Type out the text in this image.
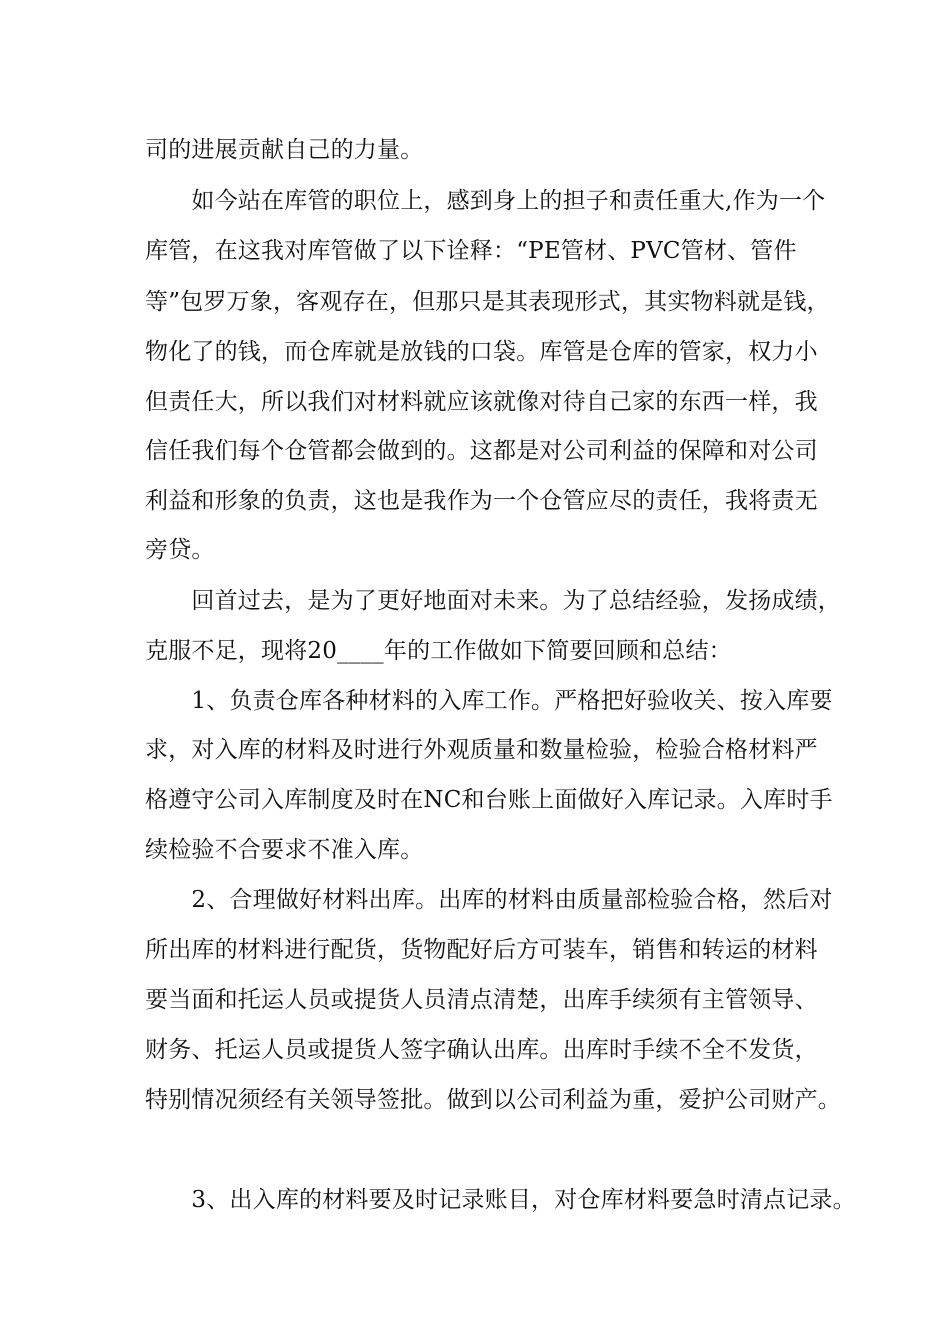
司的进展贡献自己的力量。
　　如今站在库管的职位上，感到身上的担子和责任重大,作为一个
库管，在这我对库管做了以下诠释：“PE管材、PVC管材、管件
等”包罗万象，客观存在，但那只是其表现形式，其实物料就是钱，
物化了的钱，而仓库就是放钱的口袋。库管是仓库的管家，权力小
但责任大，所以我们对材料就应该就像对待自己家的东西一样，我
信任我们每个仓管都会做到的。这都是对公司利益的保障和对公司
利益和形象的负责，这也是我作为一个仓管应尽的责任，我将责无
旁贷。
　　回首过去，是为了更好地面对未来。为了总结经验，发扬成绩，
克服不足，现将20____年的工作做如下简要回顾和总结：
　　1、负责仓库各种材料的入库工作。严格把好验收关、按入库要
求，对入库的材料及时进行外观质量和数量检验，检验合格材料严
格遵守公司入库制度及时在NC和台账上面做好入库记录。入库时手
续检验不合要求不准入库。
　　2、合理做好材料出库。出库的材料由质量部检验合格，然后对
所出库的材料进行配货，货物配好后方可装车，销售和转运的材料
要当面和托运人员或提货人员清点清楚，出库手续须有主管领导、
财务、托运人员或提货人签字确认出库。出库时手续不全不发货，
特别情况须经有关领导签批。做到以公司利益为重，爱护公司财产。
　　3、出入库的材料要及时记录账目，对仓库材料要急时清点记录。
